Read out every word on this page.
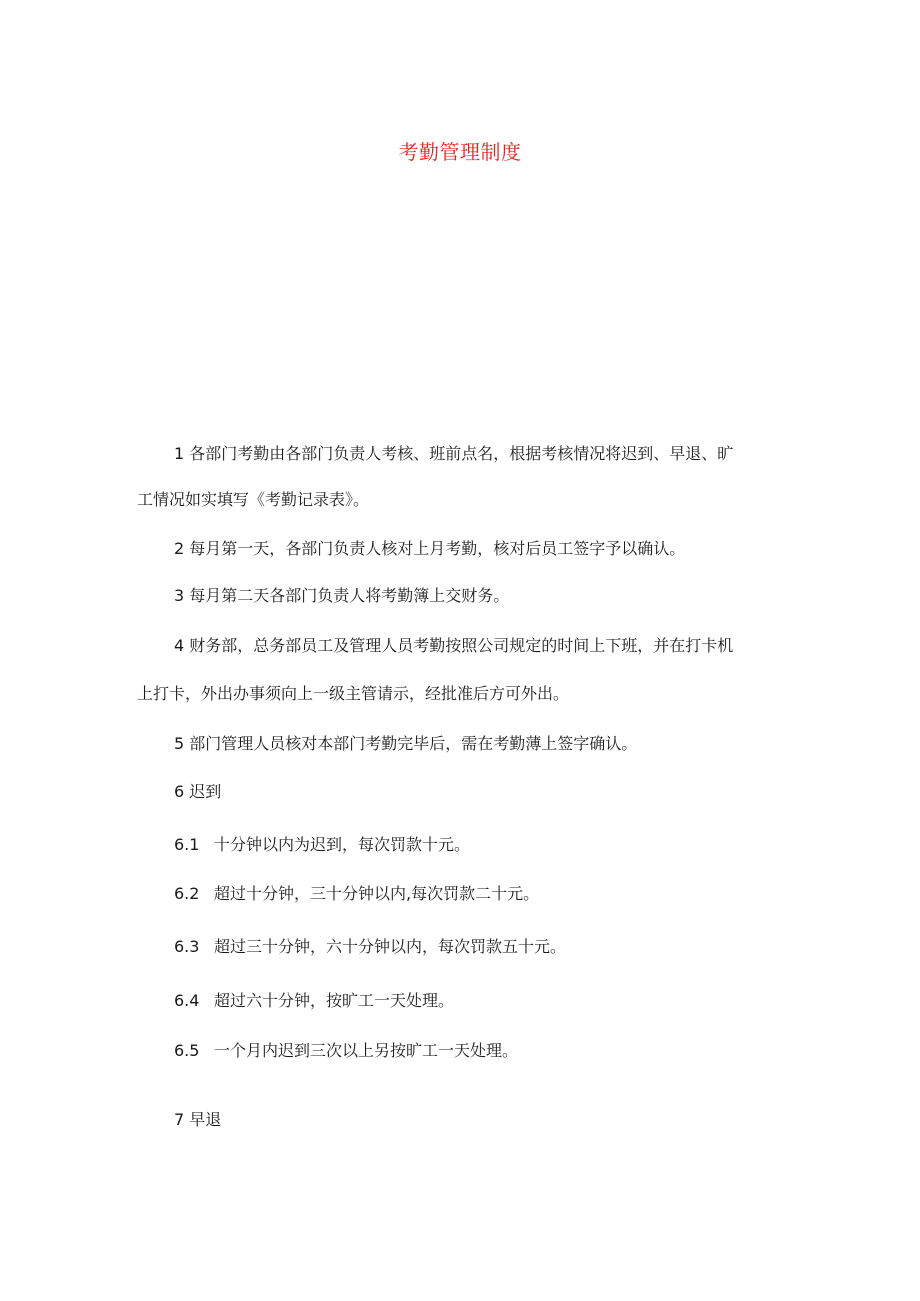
考勤管理制度
1 各部门考勤由各部门负责人考核、班前点名，根据考核情况将迟到、早退、旷
工情况如实填写《考勤记录表》。
2 每月第一天，各部门负责人核对上月考勤，核对后员工签字予以确认。
3 每月第二天各部门负责人将考勤簿上交财务。
4 财务部，总务部员工及管理人员考勤按照公司规定的时间上下班，并在打卡机
上打卡，外出办事须向上一级主管请示，经批准后方可外出。
5 部门管理人员核对本部门考勤完毕后，需在考勤薄上签字确认。
6 迟到
6.1 十分钟以内为迟到，每次罚款十元。
6.2 超过十分钟，三十分钟以内,每次罚款二十元。
6.3 超过三十分钟，六十分钟以内，每次罚款五十元。
6.4 超过六十分钟，按旷工一天处理。
6.5 一个月内迟到三次以上另按旷工一天处理。
7 早退
